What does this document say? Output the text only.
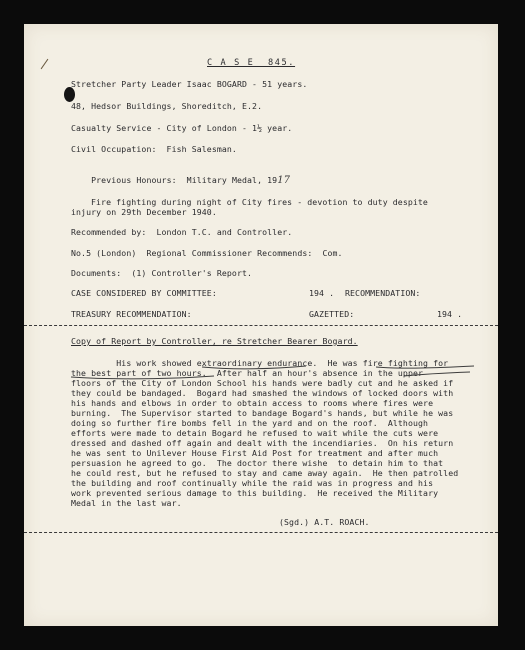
C A S E  845.
Stretcher Party Leader Isaac BOGARD - 51 years.
48, Hedsor Buildings, Shoreditch, E.2.
Casualty Service - City of London - 1½ year.
Civil Occupation:  Fish Salesman.

Previous Honours:  Military Medal, 1917

Fire fighting during night of City fires - devotion to duty despite
injury on 29th December 1940.
Recommended by:  London T.C. and Controller.
No.5 (London)  Regional Commissioner Recommends:  Com.
Documents:  (1) Controller's Report.
CASE CONSIDERED BY COMMITTEE:	194 . RECOMMENDATION:
TREASURY RECOMMENDATION:	GAZETTED:	194 .
Copy of Report by Controller, re Stretcher Bearer Bogard.
His work showed extraordinary endurance.  He was fire fighting for
the best part of two hours.  After half an hour's absence in the upper
floors of the City of London School his hands were badly cut and he asked if
they could be bandaged.  Bogard had smashed the windows of locked doors with
his hands and elbows in order to obtain access to rooms where fires were
burning.  The Supervisor started to bandage Bogard's hands, but while he was
doing so further fire bombs fell in the yard and on the roof.  Although
efforts were made to detain Bogard he refused to wait while the cuts were
dressed and dashed off again and dealt with the incendiaries.  On his return
he was sent to Unilever House First Aid Post for treatment and after much
persuasion he agreed to go.  The doctor there wishe  to detain him to that
he could rest, but he refused to stay and came away again.  He then patrolled
the building and roof continually while the raid was in progress and his
work prevented serious damage to this building.  He received the Military
Medal in the last war.
(Sgd.) A.T. ROACH.
